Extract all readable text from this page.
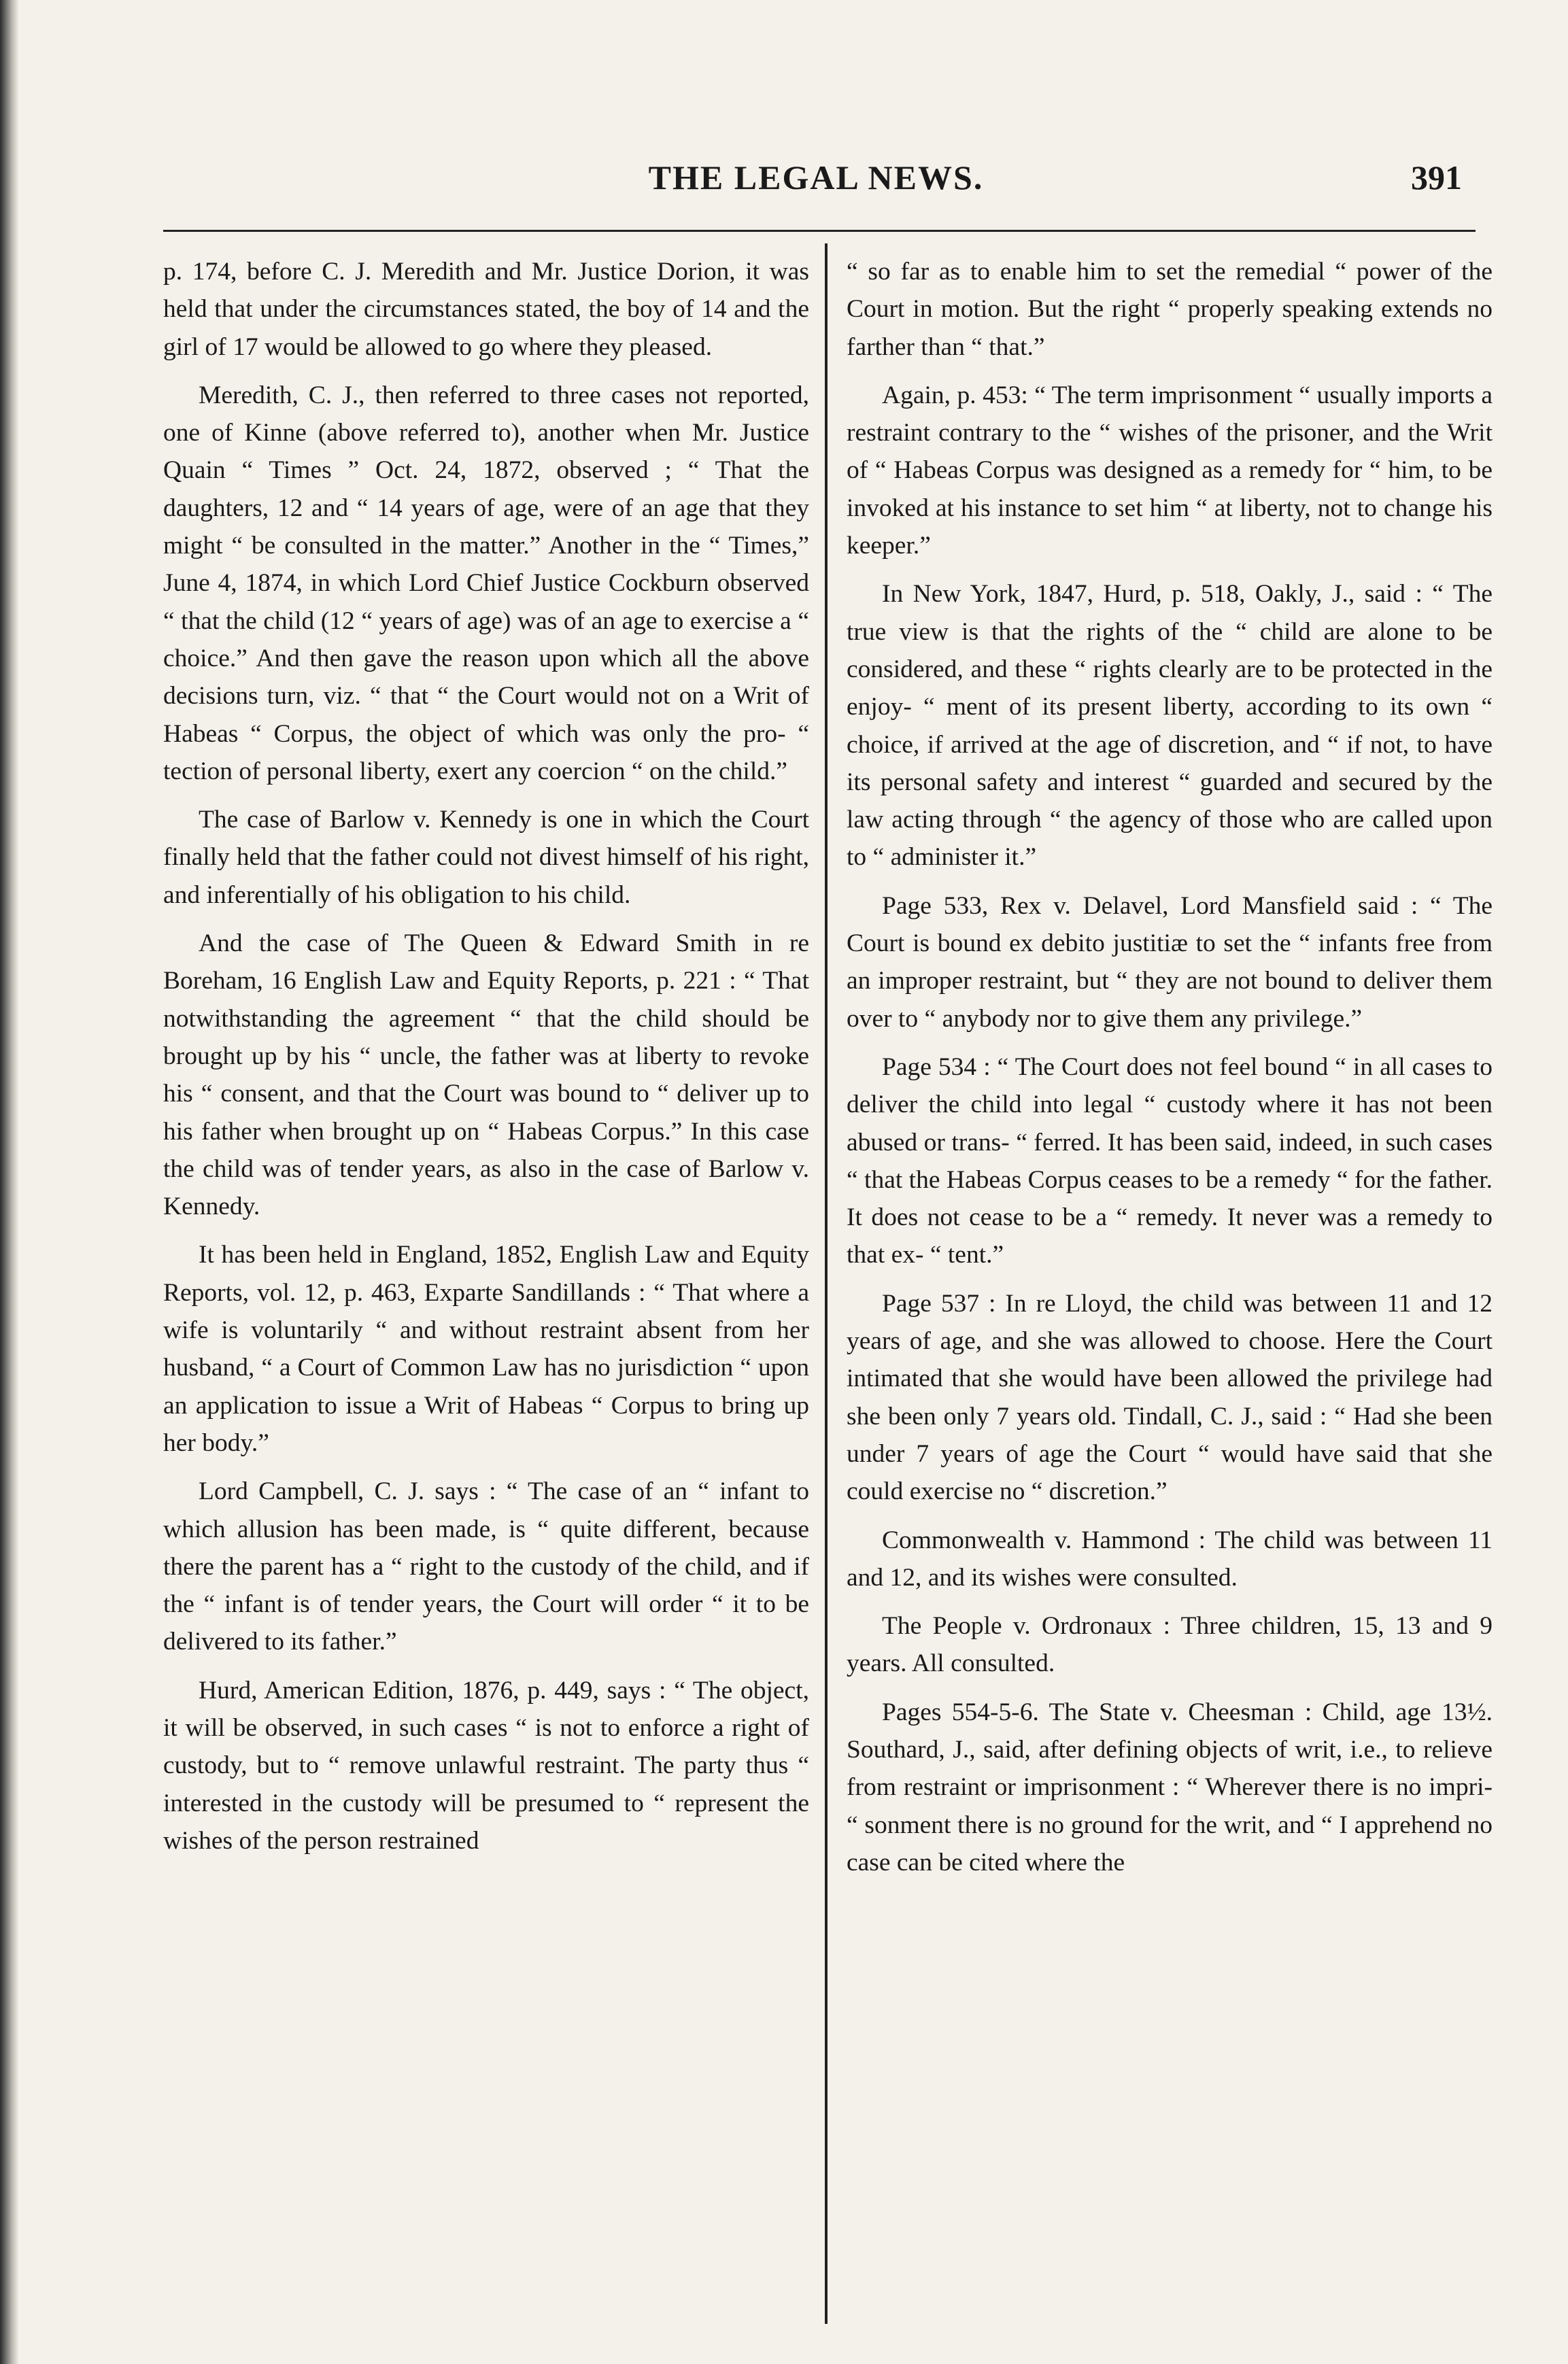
THE LEGAL NEWS.	391

p. 174, before C. J. Meredith and Mr. Justice Dorion, it was held that under the circumstances stated, the boy of 14 and the girl of 17 would be allowed to go where they pleased.

Meredith, C. J., then referred to three cases not reported, one of Kinne (above referred to), another when Mr. Justice Quain “ Times ” Oct. 24, 1872, observed ; “ That the daughters, 12 and “ 14 years of age, were of an age that they might “ be consulted in the matter.” Another in the “ Times,” June 4, 1874, in which Lord Chief Justice Cockburn observed “ that the child (12 “ years of age) was of an age to exercise a “ choice.” And then gave the reason upon which all the above decisions turn, viz. “ that “ the Court would not on a Writ of Habeas “ Corpus, the object of which was only the pro- “ tection of personal liberty, exert any coercion “ on the child.”

The case of Barlow v. Kennedy is one in which the Court finally held that the father could not divest himself of his right, and inferentially of his obligation to his child.

And the case of The Queen & Edward Smith in re Boreham, 16 English Law and Equity Reports, p. 221 : “ That notwithstanding the agreement “ that the child should be brought up by his “ uncle, the father was at liberty to revoke his “ consent, and that the Court was bound to “ deliver up to his father when brought up on “ Habeas Corpus.” In this case the child was of tender years, as also in the case of Barlow v. Kennedy.

It has been held in England, 1852, English Law and Equity Reports, vol. 12, p. 463, Exparte Sandillands : “ That where a wife is voluntarily “ and without restraint absent from her husband, “ a Court of Common Law has no jurisdiction “ upon an application to issue a Writ of Habeas “ Corpus to bring up her body.”

Lord Campbell, C. J. says : “ The case of an “ infant to which allusion has been made, is “ quite different, because there the parent has a “ right to the custody of the child, and if the “ infant is of tender years, the Court will order “ it to be delivered to its father.”

Hurd, American Edition, 1876, p. 449, says : “ The object, it will be observed, in such cases “ is not to enforce a right of custody, but to “ remove unlawful restraint. The party thus “ interested in the custody will be presumed to “ represent the wishes of the person restrained

“ so far as to enable him to set the remedial “ power of the Court in motion. But the right “ properly speaking extends no farther than “ that.”

Again, p. 453: “ The term imprisonment “ usually imports a restraint contrary to the “ wishes of the prisoner, and the Writ of “ Habeas Corpus was designed as a remedy for “ him, to be invoked at his instance to set him “ at liberty, not to change his keeper.”

In New York, 1847, Hurd, p. 518, Oakly, J., said : “ The true view is that the rights of the “ child are alone to be considered, and these “ rights clearly are to be protected in the enjoy- “ ment of its present liberty, according to its own “ choice, if arrived at the age of discretion, and “ if not, to have its personal safety and interest “ guarded and secured by the law acting through “ the agency of those who are called upon to “ administer it.”

Page 533, Rex v. Delavel, Lord Mansfield said : “ The Court is bound ex debito justitiæ to set the “ infants free from an improper restraint, but “ they are not bound to deliver them over to “ anybody nor to give them any privilege.”

Page 534 : “ The Court does not feel bound “ in all cases to deliver the child into legal “ custody where it has not been abused or trans- “ ferred. It has been said, indeed, in such cases “ that the Habeas Corpus ceases to be a remedy “ for the father. It does not cease to be a “ remedy. It never was a remedy to that ex- “ tent.”

Page 537 : In re Lloyd, the child was between 11 and 12 years of age, and she was allowed to choose. Here the Court intimated that she would have been allowed the privilege had she been only 7 years old. Tindall, C. J., said : “ Had she been under 7 years of age the Court “ would have said that she could exercise no “ discretion.”

Commonwealth v. Hammond : The child was between 11 and 12, and its wishes were consulted.

The People v. Ordronaux : Three children, 15, 13 and 9 years. All consulted.

Pages 554-5-6. The State v. Cheesman : Child, age 13½. Southard, J., said, after defining objects of writ, i.e., to relieve from restraint or imprisonment : “ Wherever there is no impri- “ sonment there is no ground for the writ, and “ I apprehend no case can be cited where the
